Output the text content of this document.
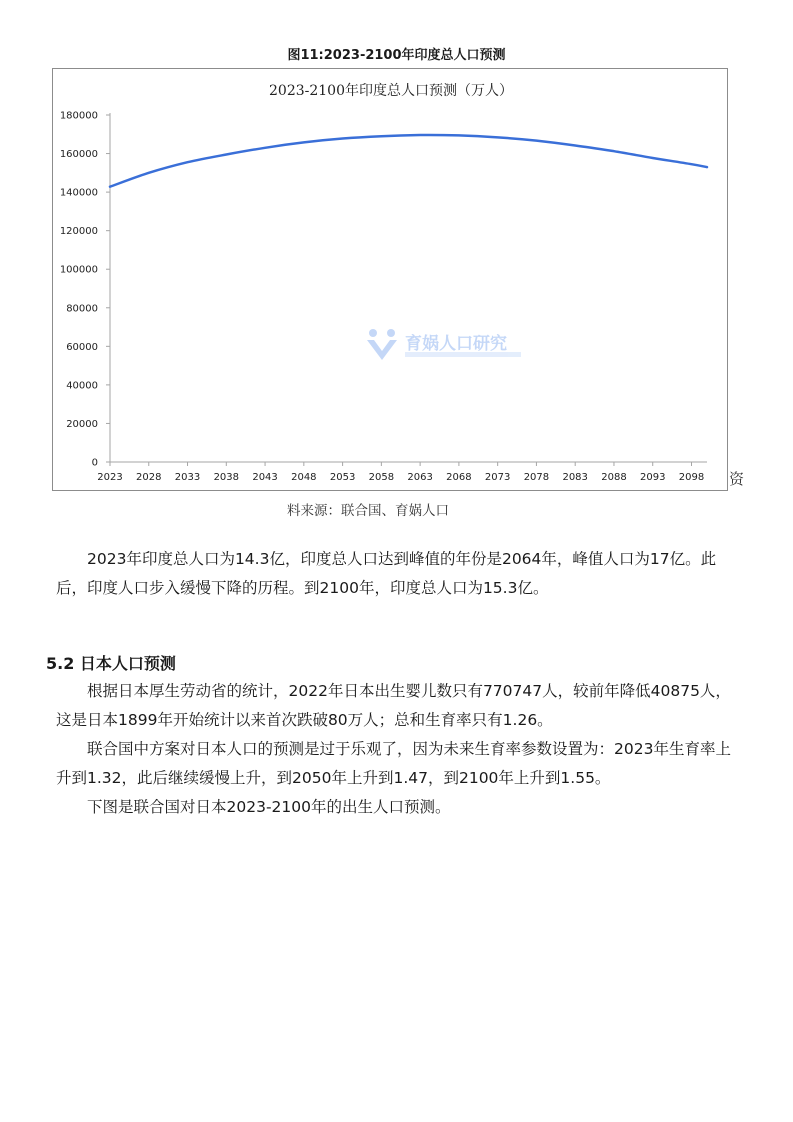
图11:2023-2100年印度总人口预测
2023-2100年印度总人口预测（万人）
180000
160000
140000
120000
100000
80000
60000
40000
20000
0
2023 2028 2033 2038 2043 2048 2053 2058 2063 2068 2073 2078 2083 2088 2093 2098
育娲人口研究
资
料来源：联合国、育娲人口

2023年印度总人口为14.3亿，印度总人口达到峰值的年份是2064年，峰值人口为17亿。此后，印度人口步入缓慢下降的历程。到2100年，印度总人口为15.3亿。

5.2 日本人口预测

根据日本厚生劳动省的统计，2022年日本出生婴儿数只有770747人，较前年降低40875人，这是日本1899年开始统计以来首次跌破80万人；总和生育率只有1.26。

联合国中方案对日本人口的预测是过于乐观了，因为未来生育率参数设置为：2023年生育率上升到1.32，此后继续缓慢上升，到2050年上升到1.47，到2100年上升到1.55。

下图是联合国对日本2023-2100年的出生人口预测。
